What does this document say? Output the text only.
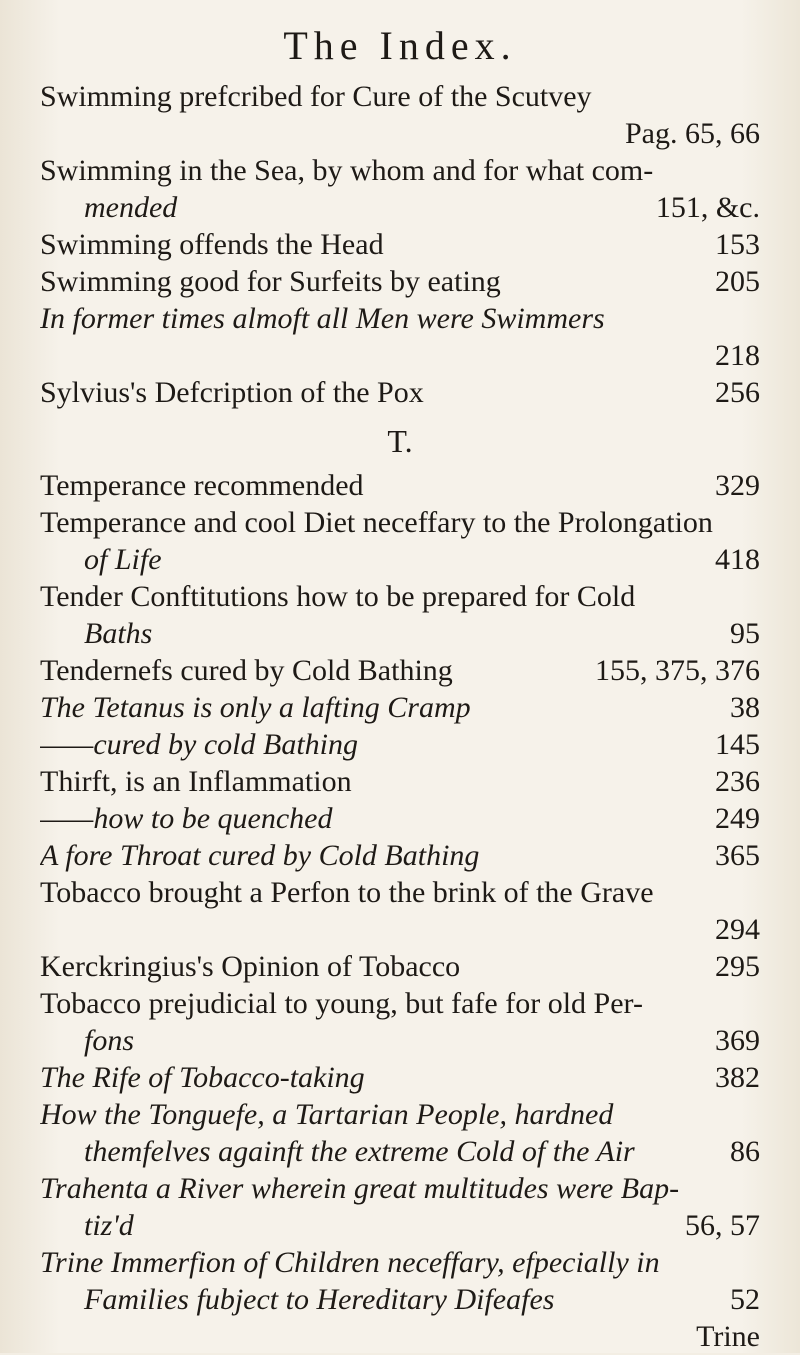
The Index.
Swimming prefcribed for Cure of the Scutvey
Pag. 65, 66
Swimming in the Sea, by whom and for what com-
mended	151, &c.
Swimming offends the Head	153
Swimming good for Surfeits by eating	205
In former times almoft all Men were Swimmers
218
Sylvius's Defcription of the Pox	256
T.
Temperance recommended	329
Temperance and cool Diet neceffary to the Prolongation
of Life	418
Tender Conftitutions how to be prepared for Cold
Baths	95
Tendernefs cured by Cold Bathing	155, 375, 376
The Tetanus is only a lafting Cramp	38
——cured by cold Bathing	145
Thirft, is an Inflammation	236
——how to be quenched	249
A fore Throat cured by Cold Bathing	365
Tobacco brought a Perfon to the brink of the Grave
294
Kerckringius's Opinion of Tobacco	295
Tobacco prejudicial to young, but fafe for old Per-
fons	369
The Rife of Tobacco-taking	382
How the Tonguefe, a Tartarian People, hardned
themfelves againft the extreme Cold of the Air	86
Trahenta a River wherein great multitudes were Bap-
tiz'd	56, 57
Trine Immerfion of Children neceffary, efpecially in
Families fubject to Hereditary Difeafes	52
Trine
